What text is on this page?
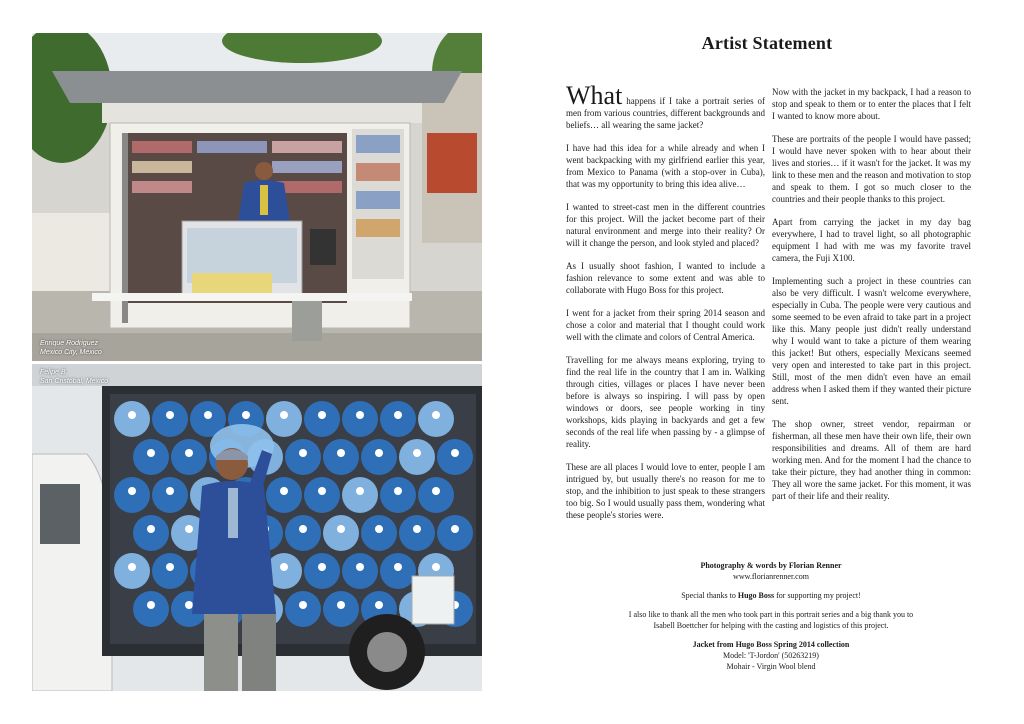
Enrique Rodriguez
Mexico City, Mexico
Felipe B.
San Cristobal, Mexico
Artist Statement

What happens if I take a portrait series of men from various countries, different backgrounds and beliefs… all wearing the same jacket?

I have had this idea for a while already and when I went backpacking with my girlfriend earlier this year, from Mexico to Panama (with a stop-over in Cuba), that was my opportunity to bring this idea alive…

I wanted to street-cast men in the different countries for this project. Will the jacket become part of their natural environment and merge into their reality? Or will it change the person, and look styled and placed?

As I usually shoot fashion, I wanted to include a fashion relevance to some extent and was able to collaborate with Hugo Boss for this project.

I went for a jacket from their spring 2014 season and chose a color and material that I thought could work well with the climate and colors of Central America.

Travelling for me always means exploring, trying to find the real life in the country that I am in. Walking through cities, villages or places I have never been before is always so inspiring. I will pass by open windows or doors, see people working in tiny workshops, kids playing in backyards and get a few seconds of the real life when passing by - a glimpse of reality.

These are all places I would love to enter, people I am intrigued by, but usually there's no reason for me to stop, and the inhibition to just speak to these strangers too big. So I would usually pass them, wondering what these people's stories were.

Now with the jacket in my backpack, I had a reason to stop and speak to them or to enter the places that I felt I wanted to know more about.

These are portraits of the people I would have passed; I would have never spoken with to hear about their lives and stories… if it wasn't for the jacket. It was my link to these men and the reason and motivation to stop and speak to them. I got so much closer to the countries and their people thanks to this project.

Apart from carrying the jacket in my day bag everywhere, I had to travel light, so all photographic equipment I had with me was my favorite travel camera, the Fuji X100.

Implementing such a project in these countries can also be very difficult. I wasn't welcome everywhere, especially in Cuba. The people were very cautious and some seemed to be even afraid to take part in a project like this. Many people just didn't really understand why I would want to take a picture of them wearing this jacket! But others, especially Mexicans seemed very open and interested to take part in this project. Still, most of the men didn't even have an email address when I asked them if they wanted their picture sent.

The shop owner, street vendor, repairman or fisherman, all these men have their own life, their own responsibilities and dreams. All of them are hard working men. And for the moment I had the chance to take their picture, they had another thing in common: They all wore the same jacket. For this moment, it was part of their life and their reality.

Photography & words by Florian Renner
www.florianrenner.com

Special thanks to Hugo Boss for supporting my project!

I also like to thank all the men who took part in this portrait series and a big thank you to Isabell Boettcher for helping with the casting and logistics of this project.

Jacket from Hugo Boss Spring 2014 collection
Model: 'T-Jordon' (50263219)
Mohair - Virgin Wool blend
